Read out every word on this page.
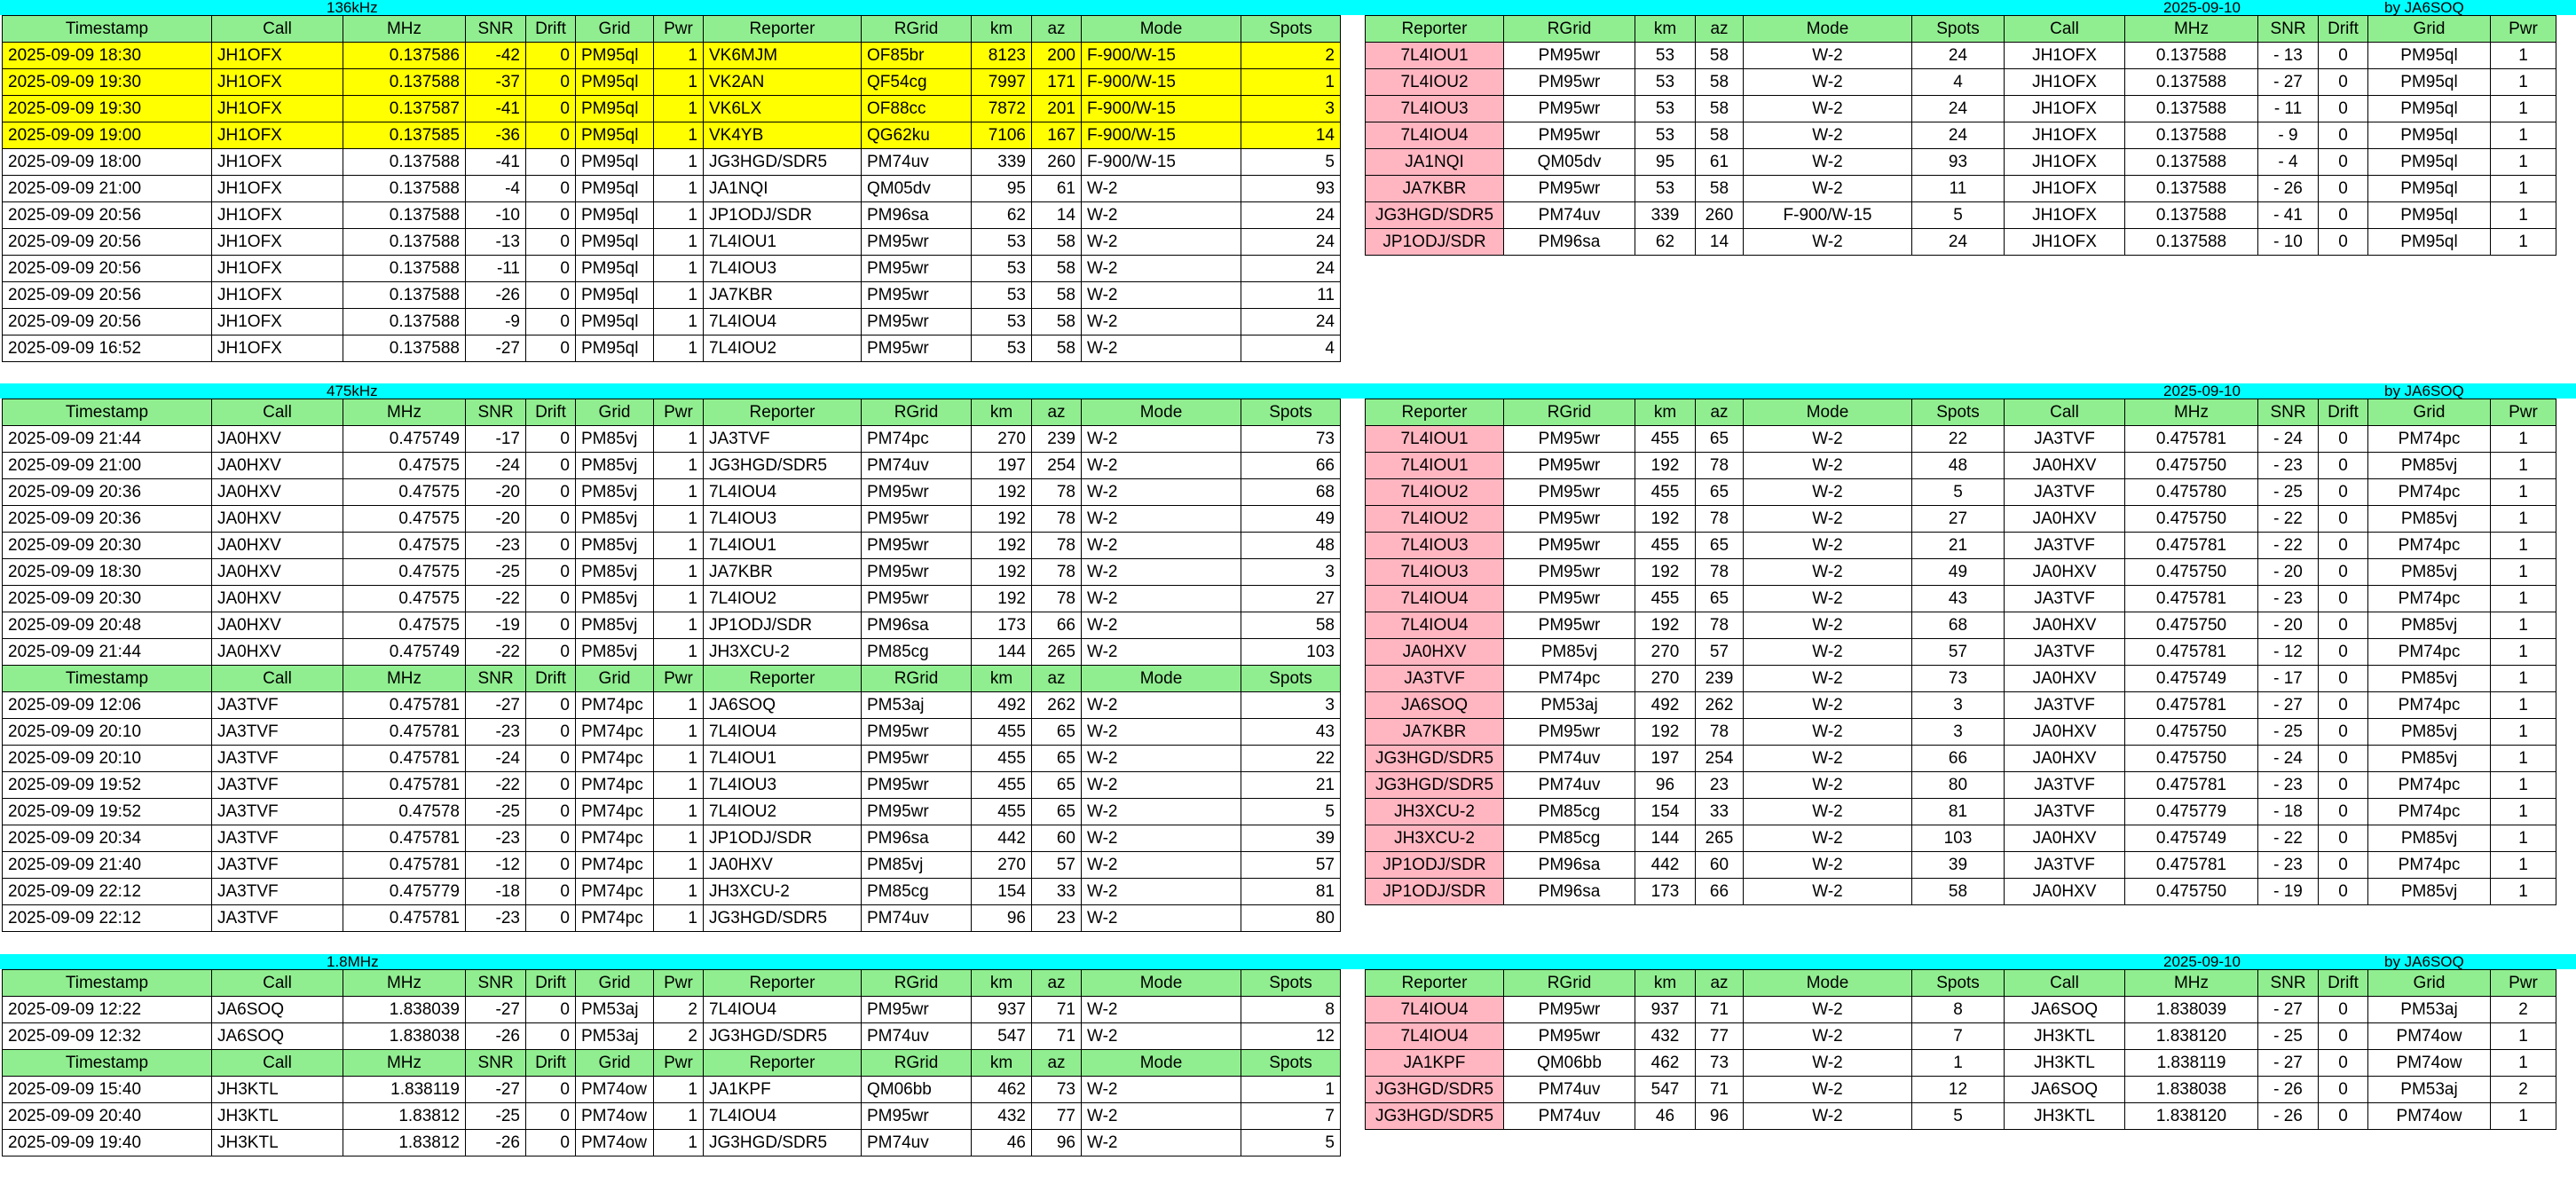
136kHz	2025-09-10	by JA6SOQ
Timestamp	Call	MHz	SNR	Drift	Grid	Pwr	Reporter	RGrid	km	az	Mode	Spots
2025-09-09 18:30	JH1OFX	0.137586	-42	0	PM95ql	1	VK6MJM	OF85br	8123	200	F-900/W-15	2
2025-09-09 19:30	JH1OFX	0.137588	-37	0	PM95ql	1	VK2AN	QF54cg	7997	171	F-900/W-15	1
2025-09-09 19:30	JH1OFX	0.137587	-41	0	PM95ql	1	VK6LX	OF88cc	7872	201	F-900/W-15	3
2025-09-09 19:00	JH1OFX	0.137585	-36	0	PM95ql	1	VK4YB	QG62ku	7106	167	F-900/W-15	14
2025-09-09 18:00	JH1OFX	0.137588	-41	0	PM95ql	1	JG3HGD/SDR5	PM74uv	339	260	F-900/W-15	5
2025-09-09 21:00	JH1OFX	0.137588	-4	0	PM95ql	1	JA1NQI	QM05dv	95	61	W-2	93
2025-09-09 20:56	JH1OFX	0.137588	-10	0	PM95ql	1	JP1ODJ/SDR	PM96sa	62	14	W-2	24
2025-09-09 20:56	JH1OFX	0.137588	-13	0	PM95ql	1	7L4IOU1	PM95wr	53	58	W-2	24
2025-09-09 20:56	JH1OFX	0.137588	-11	0	PM95ql	1	7L4IOU3	PM95wr	53	58	W-2	24
2025-09-09 20:56	JH1OFX	0.137588	-26	0	PM95ql	1	JA7KBR	PM95wr	53	58	W-2	11
2025-09-09 20:56	JH1OFX	0.137588	-9	0	PM95ql	1	7L4IOU4	PM95wr	53	58	W-2	24
2025-09-09 16:52	JH1OFX	0.137588	-27	0	PM95ql	1	7L4IOU2	PM95wr	53	58	W-2	4
Reporter	RGrid	km	az	Mode	Spots	Call	MHz	SNR	Drift	Grid	Pwr
7L4IOU1	PM95wr	53	58	W-2	24	JH1OFX	0.137588	- 13	0	PM95ql	1
7L4IOU2	PM95wr	53	58	W-2	4	JH1OFX	0.137588	- 27	0	PM95ql	1
7L4IOU3	PM95wr	53	58	W-2	24	JH1OFX	0.137588	- 11	0	PM95ql	1
7L4IOU4	PM95wr	53	58	W-2	24	JH1OFX	0.137588	- 9	0	PM95ql	1
JA1NQI	QM05dv	95	61	W-2	93	JH1OFX	0.137588	- 4	0	PM95ql	1
JA7KBR	PM95wr	53	58	W-2	11	JH1OFX	0.137588	- 26	0	PM95ql	1
JG3HGD/SDR5	PM74uv	339	260	F-900/W-15	5	JH1OFX	0.137588	- 41	0	PM95ql	1
JP1ODJ/SDR	PM96sa	62	14	W-2	24	JH1OFX	0.137588	- 10	0	PM95ql	1
475kHz	2025-09-10	by JA6SOQ
Timestamp	Call	MHz	SNR	Drift	Grid	Pwr	Reporter	RGrid	km	az	Mode	Spots
2025-09-09 21:44	JA0HXV	0.475749	-17	0	PM85vj	1	JA3TVF	PM74pc	270	239	W-2	73
2025-09-09 21:00	JA0HXV	0.47575	-24	0	PM85vj	1	JG3HGD/SDR5	PM74uv	197	254	W-2	66
2025-09-09 20:36	JA0HXV	0.47575	-20	0	PM85vj	1	7L4IOU4	PM95wr	192	78	W-2	68
2025-09-09 20:36	JA0HXV	0.47575	-20	0	PM85vj	1	7L4IOU3	PM95wr	192	78	W-2	49
2025-09-09 20:30	JA0HXV	0.47575	-23	0	PM85vj	1	7L4IOU1	PM95wr	192	78	W-2	48
2025-09-09 18:30	JA0HXV	0.47575	-25	0	PM85vj	1	JA7KBR	PM95wr	192	78	W-2	3
2025-09-09 20:30	JA0HXV	0.47575	-22	0	PM85vj	1	7L4IOU2	PM95wr	192	78	W-2	27
2025-09-09 20:48	JA0HXV	0.47575	-19	0	PM85vj	1	JP1ODJ/SDR	PM96sa	173	66	W-2	58
2025-09-09 21:44	JA0HXV	0.475749	-22	0	PM85vj	1	JH3XCU-2	PM85cg	144	265	W-2	103
Timestamp	Call	MHz	SNR	Drift	Grid	Pwr	Reporter	RGrid	km	az	Mode	Spots
2025-09-09 12:06	JA3TVF	0.475781	-27	0	PM74pc	1	JA6SOQ	PM53aj	492	262	W-2	3
2025-09-09 20:10	JA3TVF	0.475781	-23	0	PM74pc	1	7L4IOU4	PM95wr	455	65	W-2	43
2025-09-09 20:10	JA3TVF	0.475781	-24	0	PM74pc	1	7L4IOU1	PM95wr	455	65	W-2	22
2025-09-09 19:52	JA3TVF	0.475781	-22	0	PM74pc	1	7L4IOU3	PM95wr	455	65	W-2	21
2025-09-09 19:52	JA3TVF	0.47578	-25	0	PM74pc	1	7L4IOU2	PM95wr	455	65	W-2	5
2025-09-09 20:34	JA3TVF	0.475781	-23	0	PM74pc	1	JP1ODJ/SDR	PM96sa	442	60	W-2	39
2025-09-09 21:40	JA3TVF	0.475781	-12	0	PM74pc	1	JA0HXV	PM85vj	270	57	W-2	57
2025-09-09 22:12	JA3TVF	0.475779	-18	0	PM74pc	1	JH3XCU-2	PM85cg	154	33	W-2	81
2025-09-09 22:12	JA3TVF	0.475781	-23	0	PM74pc	1	JG3HGD/SDR5	PM74uv	96	23	W-2	80
Reporter	RGrid	km	az	Mode	Spots	Call	MHz	SNR	Drift	Grid	Pwr
7L4IOU1	PM95wr	455	65	W-2	22	JA3TVF	0.475781	- 24	0	PM74pc	1
7L4IOU1	PM95wr	192	78	W-2	48	JA0HXV	0.475750	- 23	0	PM85vj	1
7L4IOU2	PM95wr	455	65	W-2	5	JA3TVF	0.475780	- 25	0	PM74pc	1
7L4IOU2	PM95wr	192	78	W-2	27	JA0HXV	0.475750	- 22	0	PM85vj	1
7L4IOU3	PM95wr	455	65	W-2	21	JA3TVF	0.475781	- 22	0	PM74pc	1
7L4IOU3	PM95wr	192	78	W-2	49	JA0HXV	0.475750	- 20	0	PM85vj	1
7L4IOU4	PM95wr	455	65	W-2	43	JA3TVF	0.475781	- 23	0	PM74pc	1
7L4IOU4	PM95wr	192	78	W-2	68	JA0HXV	0.475750	- 20	0	PM85vj	1
JA0HXV	PM85vj	270	57	W-2	57	JA3TVF	0.475781	- 12	0	PM74pc	1
JA3TVF	PM74pc	270	239	W-2	73	JA0HXV	0.475749	- 17	0	PM85vj	1
JA6SOQ	PM53aj	492	262	W-2	3	JA3TVF	0.475781	- 27	0	PM74pc	1
JA7KBR	PM95wr	192	78	W-2	3	JA0HXV	0.475750	- 25	0	PM85vj	1
JG3HGD/SDR5	PM74uv	197	254	W-2	66	JA0HXV	0.475750	- 24	0	PM85vj	1
JG3HGD/SDR5	PM74uv	96	23	W-2	80	JA3TVF	0.475781	- 23	0	PM74pc	1
JH3XCU-2	PM85cg	154	33	W-2	81	JA3TVF	0.475779	- 18	0	PM74pc	1
JH3XCU-2	PM85cg	144	265	W-2	103	JA0HXV	0.475749	- 22	0	PM85vj	1
JP1ODJ/SDR	PM96sa	442	60	W-2	39	JA3TVF	0.475781	- 23	0	PM74pc	1
JP1ODJ/SDR	PM96sa	173	66	W-2	58	JA0HXV	0.475750	- 19	0	PM85vj	1
1.8MHz	2025-09-10	by JA6SOQ
Timestamp	Call	MHz	SNR	Drift	Grid	Pwr	Reporter	RGrid	km	az	Mode	Spots
2025-09-09 12:22	JA6SOQ	1.838039	-27	0	PM53aj	2	7L4IOU4	PM95wr	937	71	W-2	8
2025-09-09 12:32	JA6SOQ	1.838038	-26	0	PM53aj	2	JG3HGD/SDR5	PM74uv	547	71	W-2	12
Timestamp	Call	MHz	SNR	Drift	Grid	Pwr	Reporter	RGrid	km	az	Mode	Spots
2025-09-09 15:40	JH3KTL	1.838119	-27	0	PM74ow	1	JA1KPF	QM06bb	462	73	W-2	1
2025-09-09 20:40	JH3KTL	1.83812	-25	0	PM74ow	1	7L4IOU4	PM95wr	432	77	W-2	7
2025-09-09 19:40	JH3KTL	1.83812	-26	0	PM74ow	1	JG3HGD/SDR5	PM74uv	46	96	W-2	5
Reporter	RGrid	km	az	Mode	Spots	Call	MHz	SNR	Drift	Grid	Pwr
7L4IOU4	PM95wr	937	71	W-2	8	JA6SOQ	1.838039	- 27	0	PM53aj	2
7L4IOU4	PM95wr	432	77	W-2	7	JH3KTL	1.838120	- 25	0	PM74ow	1
JA1KPF	QM06bb	462	73	W-2	1	JH3KTL	1.838119	- 27	0	PM74ow	1
JG3HGD/SDR5	PM74uv	547	71	W-2	12	JA6SOQ	1.838038	- 26	0	PM53aj	2
JG3HGD/SDR5	PM74uv	46	96	W-2	5	JH3KTL	1.838120	- 26	0	PM74ow	1
